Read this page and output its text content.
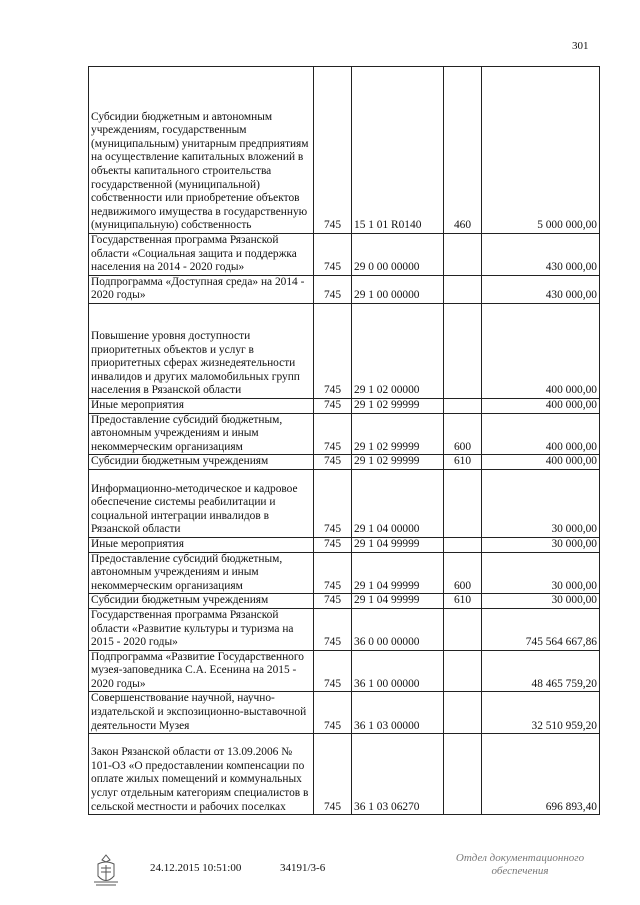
301
Субсидии бюджетным и автономным учреждениям, государственным (муниципальным) унитарным предприятиям на осуществление капитальных вложений в объекты капитального строительства государственной (муниципальной) собственности или приобретение объектов недвижимого имущества в государственную (муниципальную) собственность	745	15 1 01 R0140	460	5 000 000,00
Государственная программа Рязанской области «Социальная защита и поддержка населения на 2014 - 2020 годы»	745	29 0 00 00000		430 000,00
Подпрограмма «Доступная среда» на 2014 - 2020 годы»	745	29 1 00 00000		430 000,00
Повышение уровня доступности приоритетных объектов и услуг в приоритетных сферах жизнедеятельности инвалидов и других маломобильных групп населения в Рязанской области	745	29 1 02 00000		400 000,00
Иные мероприятия	745	29 1 02 99999		400 000,00
Предоставление субсидий бюджетным, автономным учреждениям и иным некоммерческим организациям	745	29 1 02 99999	600	400 000,00
Субсидии бюджетным учреждениям	745	29 1 02 99999	610	400 000,00
Информационно-методическое и кадровое обеспечение системы реабилитации и социальной интеграции инвалидов в Рязанской области	745	29 1 04 00000		30 000,00
Иные мероприятия	745	29 1 04 99999		30 000,00
Предоставление субсидий бюджетным, автономным учреждениям и иным некоммерческим организациям	745	29 1 04 99999	600	30 000,00
Субсидии бюджетным учреждениям	745	29 1 04 99999	610	30 000,00
Государственная программа Рязанской области «Развитие культуры и туризма на 2015 - 2020 годы»	745	36 0 00 00000		745 564 667,86
Подпрограмма «Развитие Государственного музея-заповедника С.А. Есенина на 2015 - 2020 годы»	745	36 1 00 00000		48 465 759,20
Совершенствование научной, научно-издательской и экспозиционно-выставочной деятельности Музея	745	36 1 03 00000		32 510 959,20
Закон Рязанской области от 13.09.2006 № 101-ОЗ «О предоставлении компенсации по оплате жилых помещений и коммунальных услуг отдельным категориям специалистов в сельской местности и рабочих поселках	745	36 1 03 06270		696 893,40
24.12.2015 10:51:00	34191/3-6
Отдел документационного обеспечения
